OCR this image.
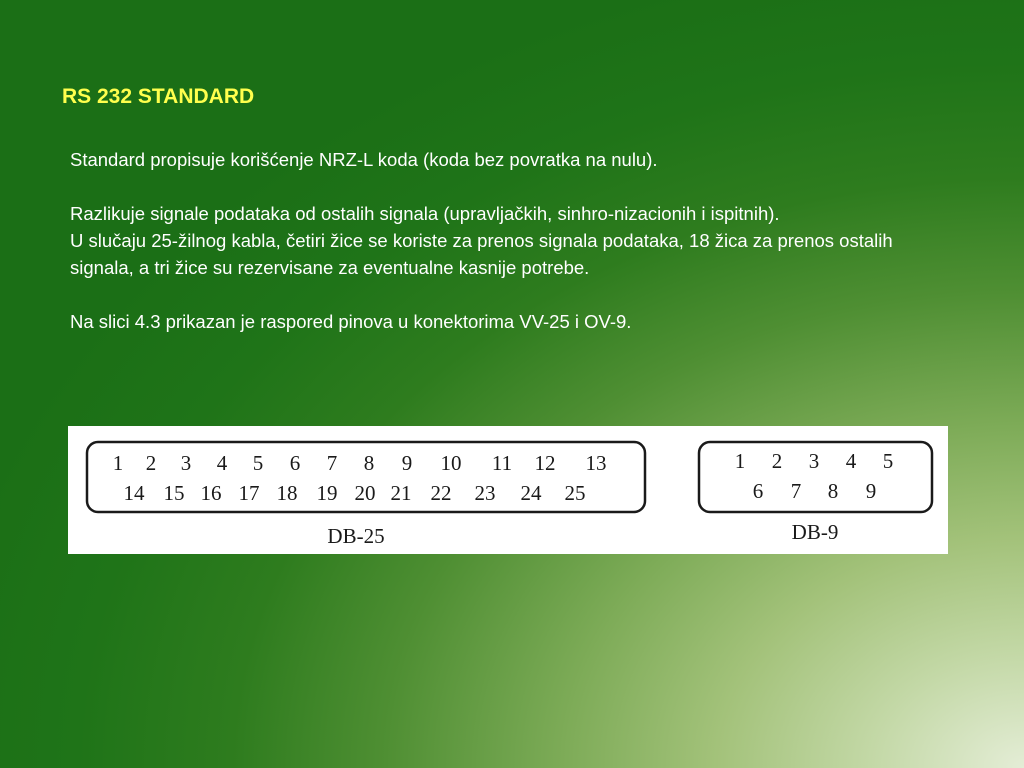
RS 232 STANDARD

Standard propisuje korišćenje NRZ-L koda (koda bez povratka na nulu).

Razlikuje signale podataka od ostalih signala (upravljačkih, sinhro-nizacionih i ispitnih).

U slučaju 25-žilnog kabla, četiri žice se koriste za prenos signala podataka, 18 žica za prenos ostalih signala, a tri žice su rezervisane za eventualne kasnije potrebe.

Na slici 4.3 prikazan je raspored pinova u konektorima VV-25 i OV-9.

1 2 3 4 5 6 7 8 9 10 11 12 13
14 15 16 17 18 19 20 21 22 23 24 25
1 2 3 4 5
6 7 8 9
DB-25	DB-9
